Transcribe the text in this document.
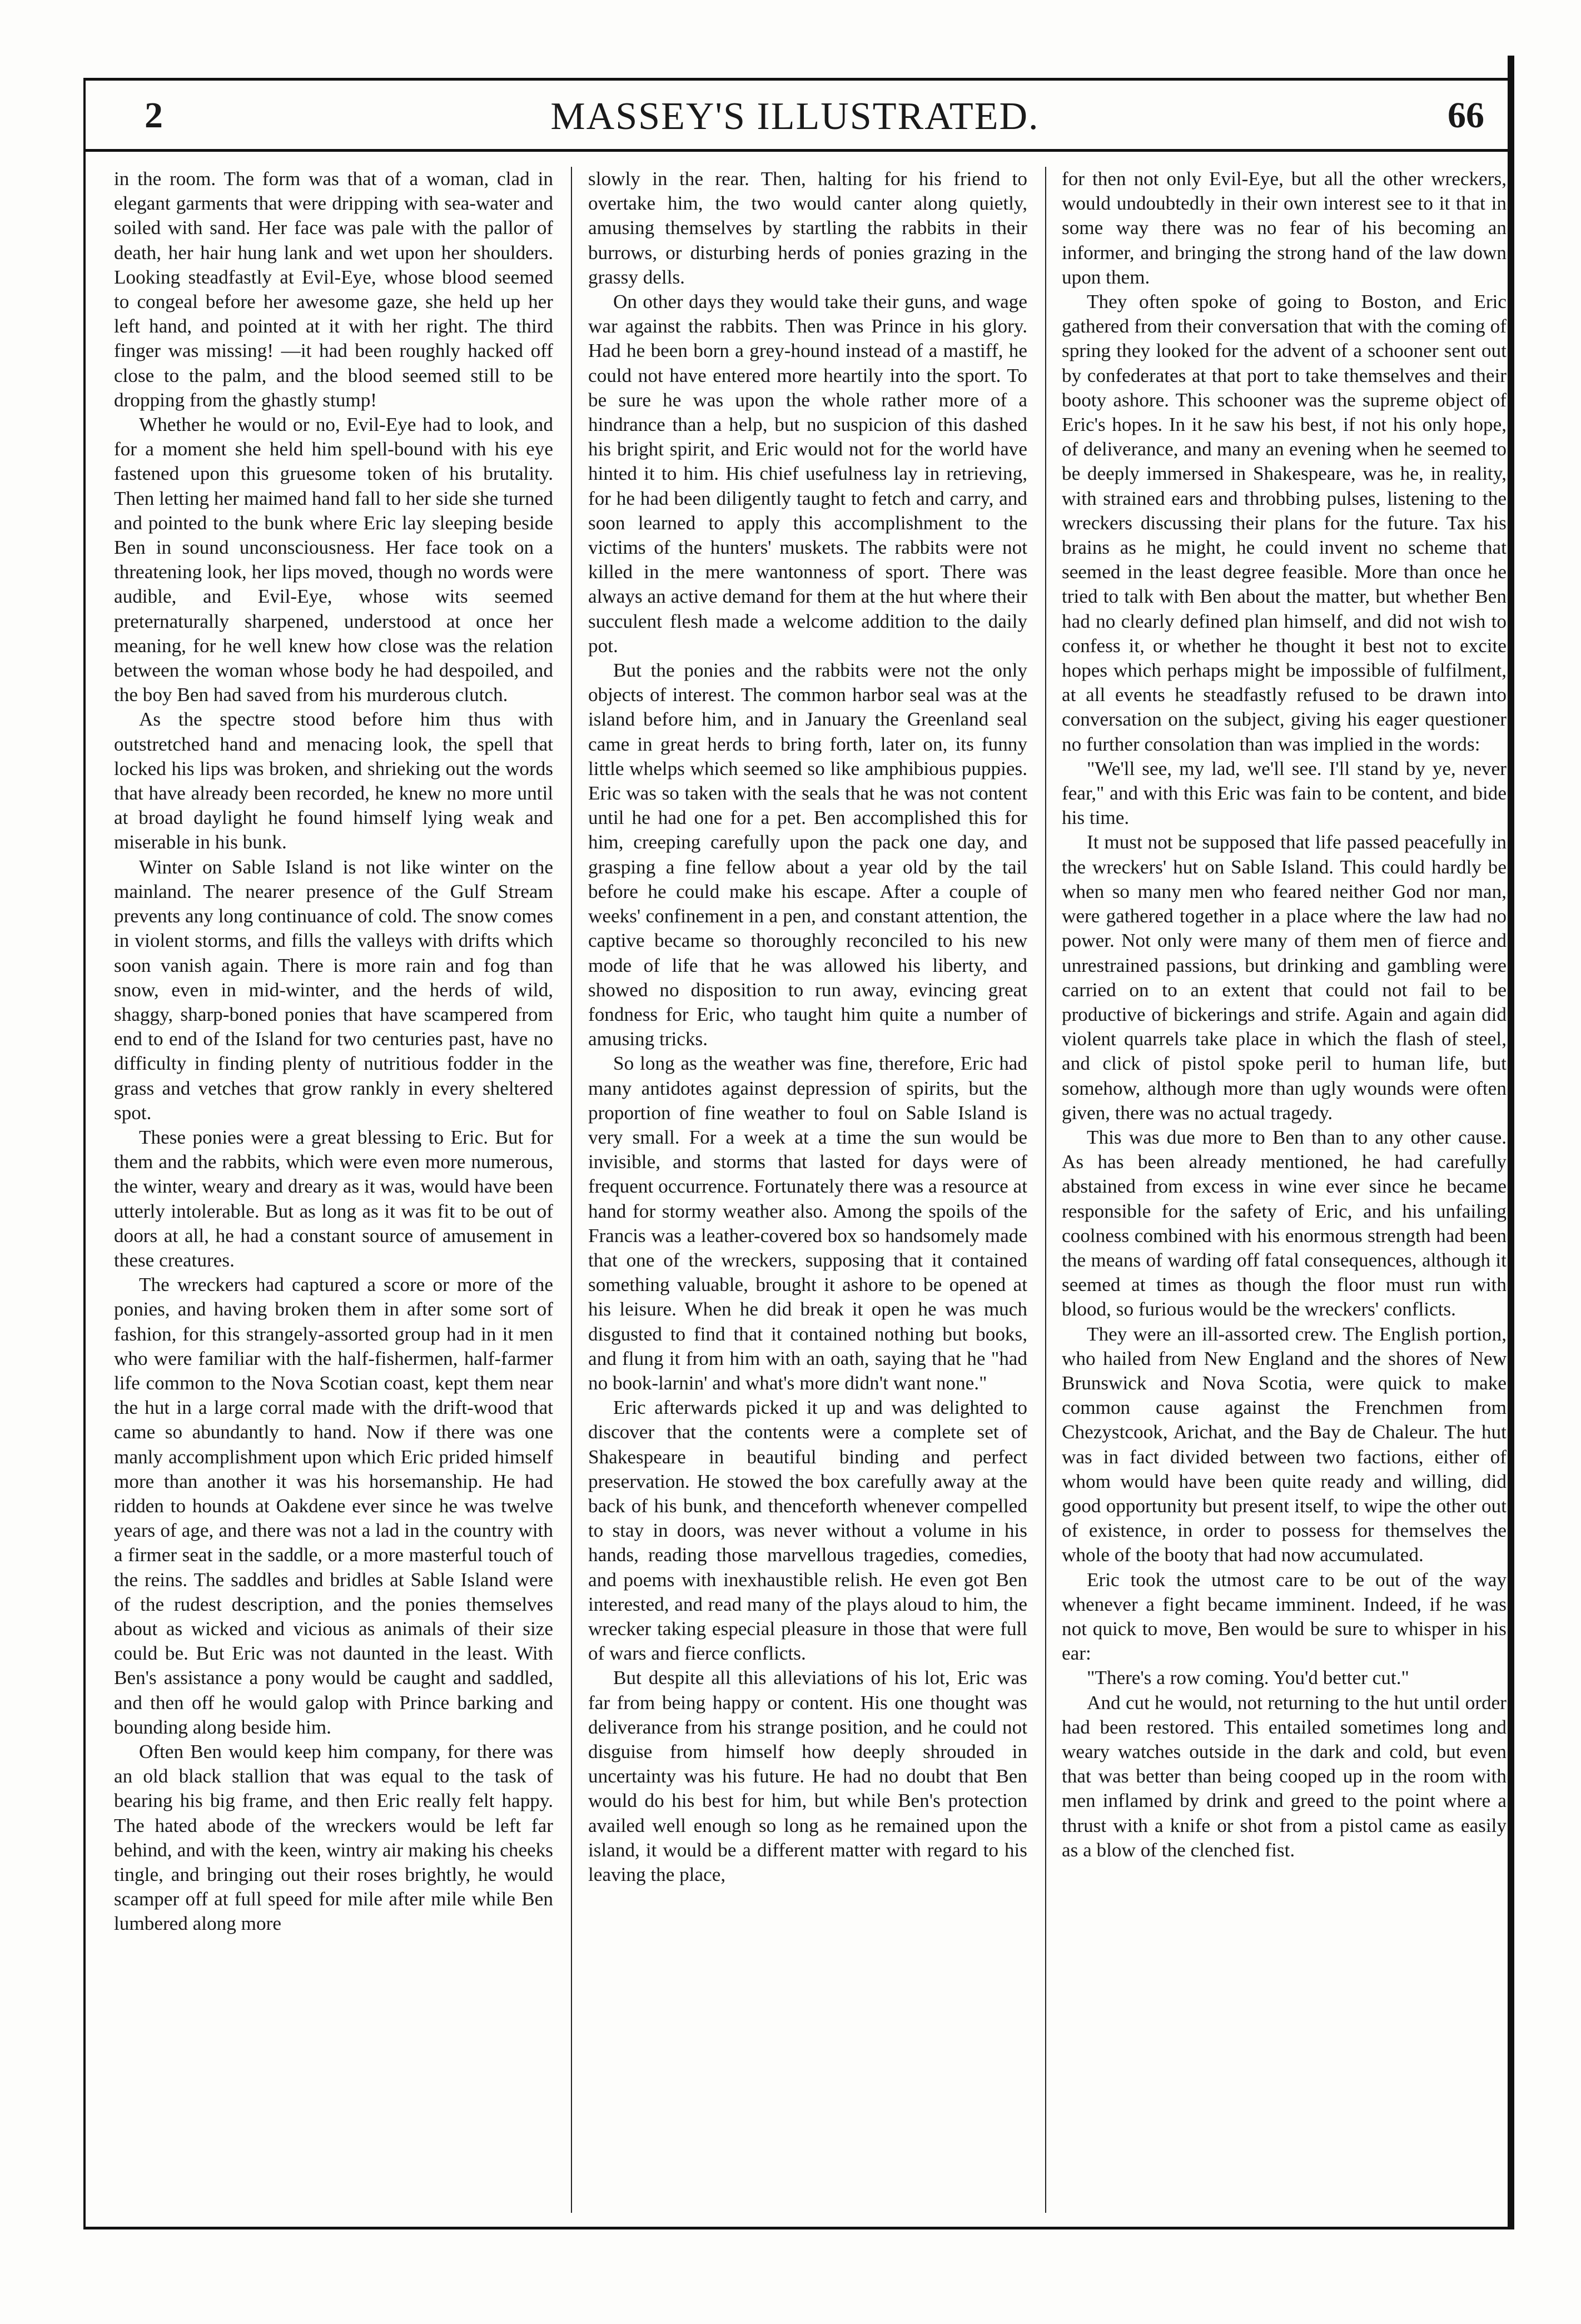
2	MASSEY'S ILLUSTRATED.	66

in the room. The form was that of a woman, clad in elegant garments that were dripping with sea-water and soiled with sand. Her face was pale with the pallor of death, her hair hung lank and wet upon her shoulders. Looking steadfastly at Evil-Eye, whose blood seemed to congeal before her awesome gaze, she held up her left hand, and pointed at it with her right. The third finger was missing! —it had been roughly hacked off close to the palm, and the blood seemed still to be dropping from the ghastly stump!

Whether he would or no, Evil-Eye had to look, and for a moment she held him spell-bound with his eye fastened upon this gruesome token of his brutality. Then letting her maimed hand fall to her side she turned and pointed to the bunk where Eric lay sleeping beside Ben in sound unconsciousness. Her face took on a threatening look, her lips moved, though no words were audible, and Evil-Eye, whose wits seemed preternaturally sharpened, understood at once her meaning, for he well knew how close was the relation between the woman whose body he had despoiled, and the boy Ben had saved from his murderous clutch.

As the spectre stood before him thus with outstretched hand and menacing look, the spell that locked his lips was broken, and shrieking out the words that have already been recorded, he knew no more until at broad daylight he found himself lying weak and miserable in his bunk.

Winter on Sable Island is not like winter on the mainland. The nearer presence of the Gulf Stream prevents any long continuance of cold. The snow comes in violent storms, and fills the valleys with drifts which soon vanish again. There is more rain and fog than snow, even in mid-winter, and the herds of wild, shaggy, sharp-boned ponies that have scampered from end to end of the Island for two centuries past, have no difficulty in finding plenty of nutritious fodder in the grass and vetches that grow rankly in every sheltered spot.

These ponies were a great blessing to Eric. But for them and the rabbits, which were even more numerous, the winter, weary and dreary as it was, would have been utterly intolerable. But as long as it was fit to be out of doors at all, he had a constant source of amusement in these creatures.

The wreckers had captured a score or more of the ponies, and having broken them in after some sort of fashion, for this strangely-assorted group had in it men who were familiar with the half-fishermen, half-farmer life common to the Nova Scotian coast, kept them near the hut in a large corral made with the drift-wood that came so abundantly to hand. Now if there was one manly accomplishment upon which Eric prided himself more than another it was his horsemanship. He had ridden to hounds at Oakdene ever since he was twelve years of age, and there was not a lad in the country with a firmer seat in the saddle, or a more masterful touch of the reins. The saddles and bridles at Sable Island were of the rudest description, and the ponies themselves about as wicked and vicious as animals of their size could be. But Eric was not daunted in the least. With Ben's assistance a pony would be caught and saddled, and then off he would galop with Prince barking and bounding along beside him.

Often Ben would keep him company, for there was an old black stallion that was equal to the task of bearing his big frame, and then Eric really felt happy. The hated abode of the wreckers would be left far behind, and with the keen, wintry air making his cheeks tingle, and bringing out their roses brightly, he would scamper off at full speed for mile after mile while Ben lumbered along more

slowly in the rear. Then, halting for his friend to overtake him, the two would canter along quietly, amusing themselves by startling the rabbits in their burrows, or disturbing herds of ponies grazing in the grassy dells.

On other days they would take their guns, and wage war against the rabbits. Then was Prince in his glory. Had he been born a grey-hound instead of a mastiff, he could not have entered more heartily into the sport. To be sure he was upon the whole rather more of a hindrance than a help, but no suspicion of this dashed his bright spirit, and Eric would not for the world have hinted it to him. His chief usefulness lay in retrieving, for he had been diligently taught to fetch and carry, and soon learned to apply this accomplishment to the victims of the hunters' muskets. The rabbits were not killed in the mere wantonness of sport. There was always an active demand for them at the hut where their succulent flesh made a welcome addition to the daily pot.

But the ponies and the rabbits were not the only objects of interest. The common harbor seal was at the island before him, and in January the Greenland seal came in great herds to bring forth, later on, its funny little whelps which seemed so like amphibious puppies. Eric was so taken with the seals that he was not content until he had one for a pet. Ben accomplished this for him, creeping carefully upon the pack one day, and grasping a fine fellow about a year old by the tail before he could make his escape. After a couple of weeks' confinement in a pen, and constant attention, the captive became so thoroughly reconciled to his new mode of life that he was allowed his liberty, and showed no disposition to run away, evincing great fondness for Eric, who taught him quite a number of amusing tricks.

So long as the weather was fine, therefore, Eric had many antidotes against depression of spirits, but the proportion of fine weather to foul on Sable Island is very small. For a week at a time the sun would be invisible, and storms that lasted for days were of frequent occurrence. Fortunately there was a resource at hand for stormy weather also. Among the spoils of the Francis was a leather-covered box so handsomely made that one of the wreckers, supposing that it contained something valuable, brought it ashore to be opened at his leisure. When he did break it open he was much disgusted to find that it contained nothing but books, and flung it from him with an oath, saying that he "had no book-larnin' and what's more didn't want none."

Eric afterwards picked it up and was delighted to discover that the contents were a complete set of Shakespeare in beautiful binding and perfect preservation. He stowed the box carefully away at the back of his bunk, and thenceforth whenever compelled to stay in doors, was never without a volume in his hands, reading those marvellous tragedies, comedies, and poems with inexhaustible relish. He even got Ben interested, and read many of the plays aloud to him, the wrecker taking especial pleasure in those that were full of wars and fierce conflicts.

But despite all this alleviations of his lot, Eric was far from being happy or content. His one thought was deliverance from his strange position, and he could not disguise from himself how deeply shrouded in uncertainty was his future. He had no doubt that Ben would do his best for him, but while Ben's protection availed well enough so long as he remained upon the island, it would be a different matter with regard to his leaving the place,

for then not only Evil-Eye, but all the other wreckers, would undoubtedly in their own interest see to it that in some way there was no fear of his becoming an informer, and bringing the strong hand of the law down upon them.

They often spoke of going to Boston, and Eric gathered from their conversation that with the coming of spring they looked for the advent of a schooner sent out by confederates at that port to take themselves and their booty ashore. This schooner was the supreme object of Eric's hopes. In it he saw his best, if not his only hope, of deliverance, and many an evening when he seemed to be deeply immersed in Shakespeare, was he, in reality, with strained ears and throbbing pulses, listening to the wreckers discussing their plans for the future. Tax his brains as he might, he could invent no scheme that seemed in the least degree feasible. More than once he tried to talk with Ben about the matter, but whether Ben had no clearly defined plan himself, and did not wish to confess it, or whether he thought it best not to excite hopes which perhaps might be impossible of fulfilment, at all events he steadfastly refused to be drawn into conversation on the subject, giving his eager questioner no further consolation than was implied in the words:

"We'll see, my lad, we'll see. I'll stand by ye, never fear," and with this Eric was fain to be content, and bide his time.

It must not be supposed that life passed peacefully in the wreckers' hut on Sable Island. This could hardly be when so many men who feared neither God nor man, were gathered together in a place where the law had no power. Not only were many of them men of fierce and unrestrained passions, but drinking and gambling were carried on to an extent that could not fail to be productive of bickerings and strife. Again and again did violent quarrels take place in which the flash of steel, and click of pistol spoke peril to human life, but somehow, although more than ugly wounds were often given, there was no actual tragedy.

This was due more to Ben than to any other cause. As has been already mentioned, he had carefully abstained from excess in wine ever since he became responsible for the safety of Eric, and his unfailing coolness combined with his enormous strength had been the means of warding off fatal consequences, although it seemed at times as though the floor must run with blood, so furious would be the wreckers' conflicts.

They were an ill-assorted crew. The English portion, who hailed from New England and the shores of New Brunswick and Nova Scotia, were quick to make common cause against the Frenchmen from Chezystcook, Arichat, and the Bay de Chaleur. The hut was in fact divided between two factions, either of whom would have been quite ready and willing, did good opportunity but present itself, to wipe the other out of existence, in order to possess for themselves the whole of the booty that had now accumulated.

Eric took the utmost care to be out of the way whenever a fight became imminent. Indeed, if he was not quick to move, Ben would be sure to whisper in his ear:

"There's a row coming. You'd better cut."

And cut he would, not returning to the hut until order had been restored. This entailed sometimes long and weary watches outside in the dark and cold, but even that was better than being cooped up in the room with men inflamed by drink and greed to the point where a thrust with a knife or shot from a pistol came as easily as a blow of the clenched fist.
